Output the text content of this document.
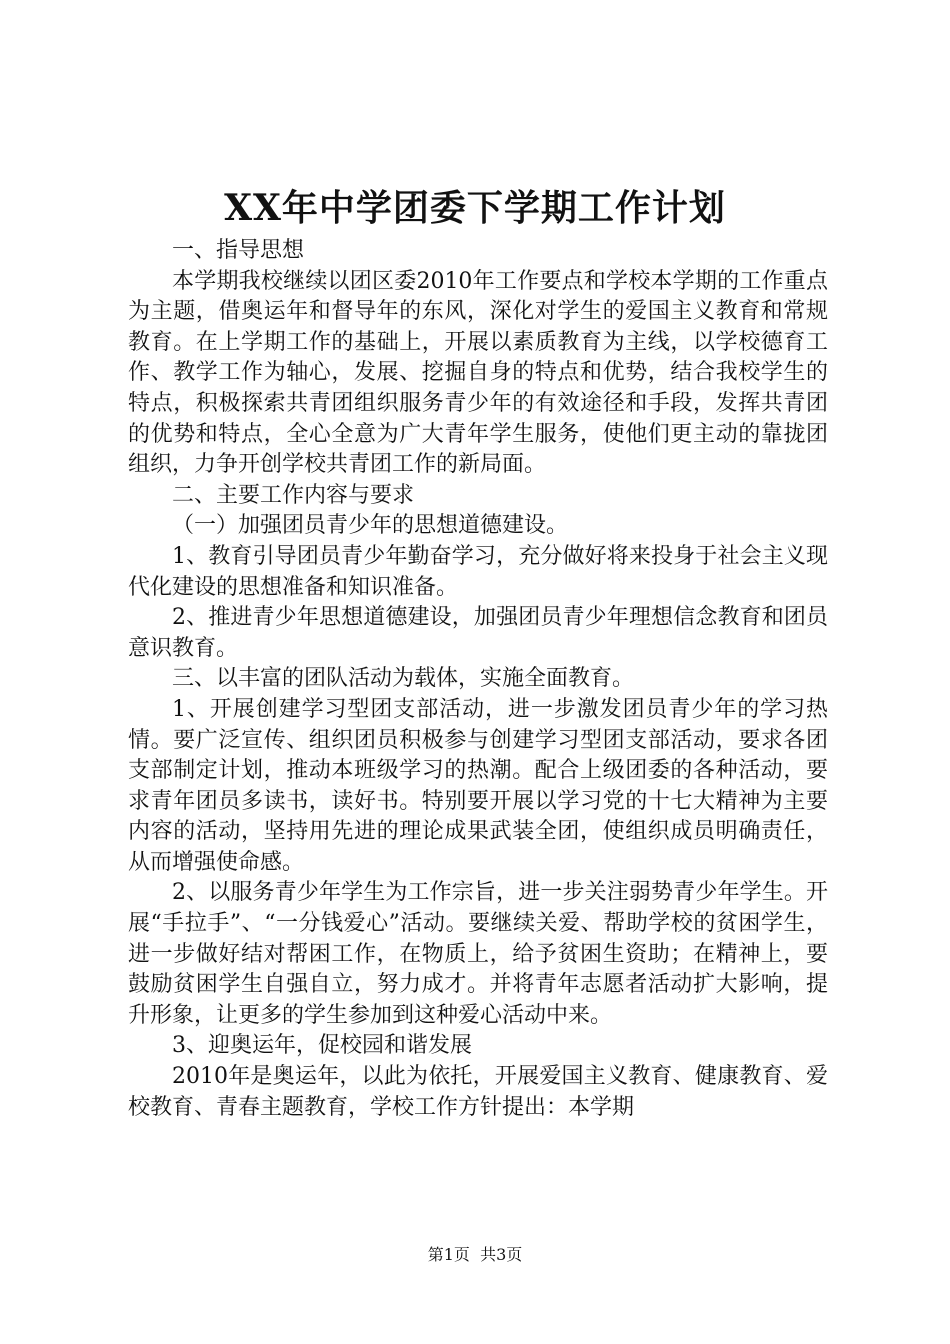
XX年中学团委下学期工作计划

一、指导思想

本学期我校继续以团区委2010年工作要点和学校本学期的工作重点为主题，借奥运年和督导年的东风，深化对学生的爱国主义教育和常规教育。在上学期工作的基础上，开展以素质教育为主线，以学校德育工作、教学工作为轴心，发展、挖掘自身的特点和优势，结合我校学生的特点，积极探索共青团组织服务青少年的有效途径和手段，发挥共青团的优势和特点，全心全意为广大青年学生服务，使他们更主动的靠拢团组织，力争开创学校共青团工作的新局面。

二、主要工作内容与要求

（一）加强团员青少年的思想道德建设。

1、教育引导团员青少年勤奋学习，充分做好将来投身于社会主义现代化建设的思想准备和知识准备。

2、推进青少年思想道德建设，加强团员青少年理想信念教育和团员意识教育。

三、以丰富的团队活动为载体，实施全面教育。

1、开展创建学习型团支部活动，进一步激发团员青少年的学习热情。要广泛宣传、组织团员积极参与创建学习型团支部活动，要求各团支部制定计划，推动本班级学习的热潮。配合上级团委的各种活动，要求青年团员多读书，读好书。特别要开展以学习党的十七大精神为主要内容的活动，坚持用先进的理论成果武装全团，使组织成员明确责任，从而增强使命感。

2、以服务青少年学生为工作宗旨，进一步关注弱势青少年学生。开展“手拉手”、“一分钱爱心”活动。要继续关爱、帮助学校的贫困学生，进一步做好结对帮困工作，在物质上，给予贫困生资助；在精神上，要鼓励贫困学生自强自立，努力成才。并将青年志愿者活动扩大影响，提升形象，让更多的学生参加到这种爱心活动中来。

3、迎奥运年，促校园和谐发展

2010年是奥运年，以此为依托，开展爱国主义教育、健康教育、爱校教育、青春主题教育，学校工作方针提出：本学期

第1页  共3页
